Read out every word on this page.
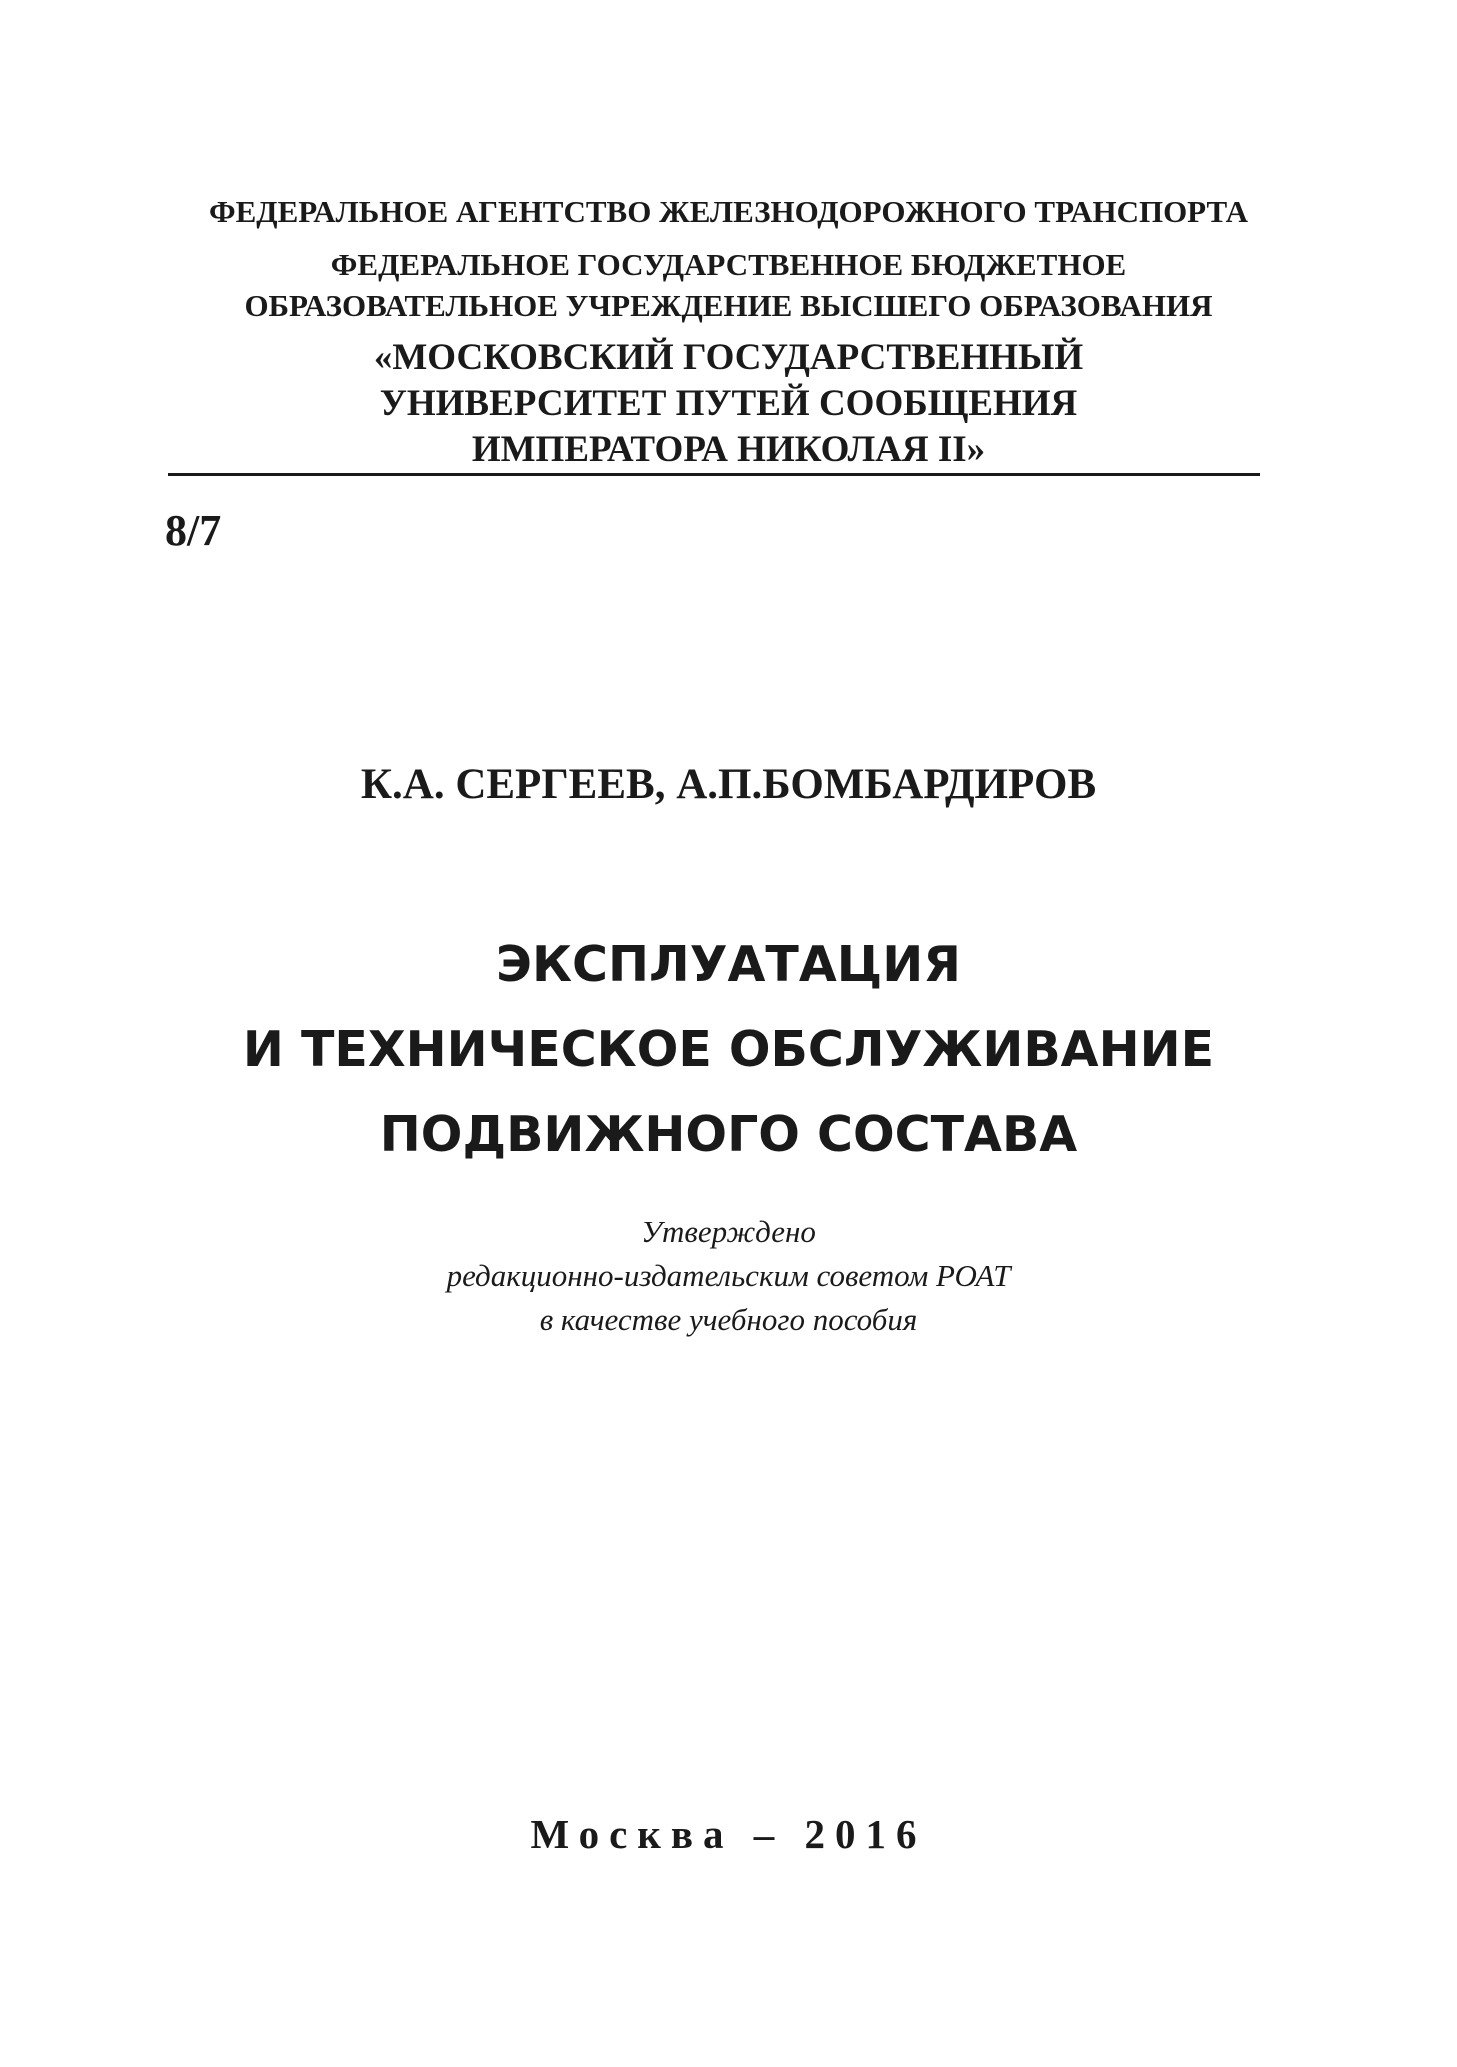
ФЕДЕРАЛЬНОЕ АГЕНТСТВО ЖЕЛЕЗНОДОРОЖНОГО ТРАНСПОРТА
ФЕДЕРАЛЬНОЕ ГОСУДАРСТВЕННОЕ БЮДЖЕТНОЕ
ОБРАЗОВАТЕЛЬНОЕ УЧРЕЖДЕНИЕ ВЫСШЕГО ОБРАЗОВАНИЯ
«МОСКОВСКИЙ ГОСУДАРСТВЕННЫЙ
УНИВЕРСИТЕТ ПУТЕЙ СООБЩЕНИЯ
ИМПЕРАТОРА НИКОЛАЯ II»
8/7
К.А. СЕРГЕЕВ, А.П.БОМБАРДИРОВ
ЭКСПЛУАТАЦИЯ
И ТЕХНИЧЕСКОЕ ОБСЛУЖИВАНИЕ
ПОДВИЖНОГО СОСТАВА
Утверждено
редакционно-издательским советом РОАТ
в качестве учебного пособия
Москва – 2016
